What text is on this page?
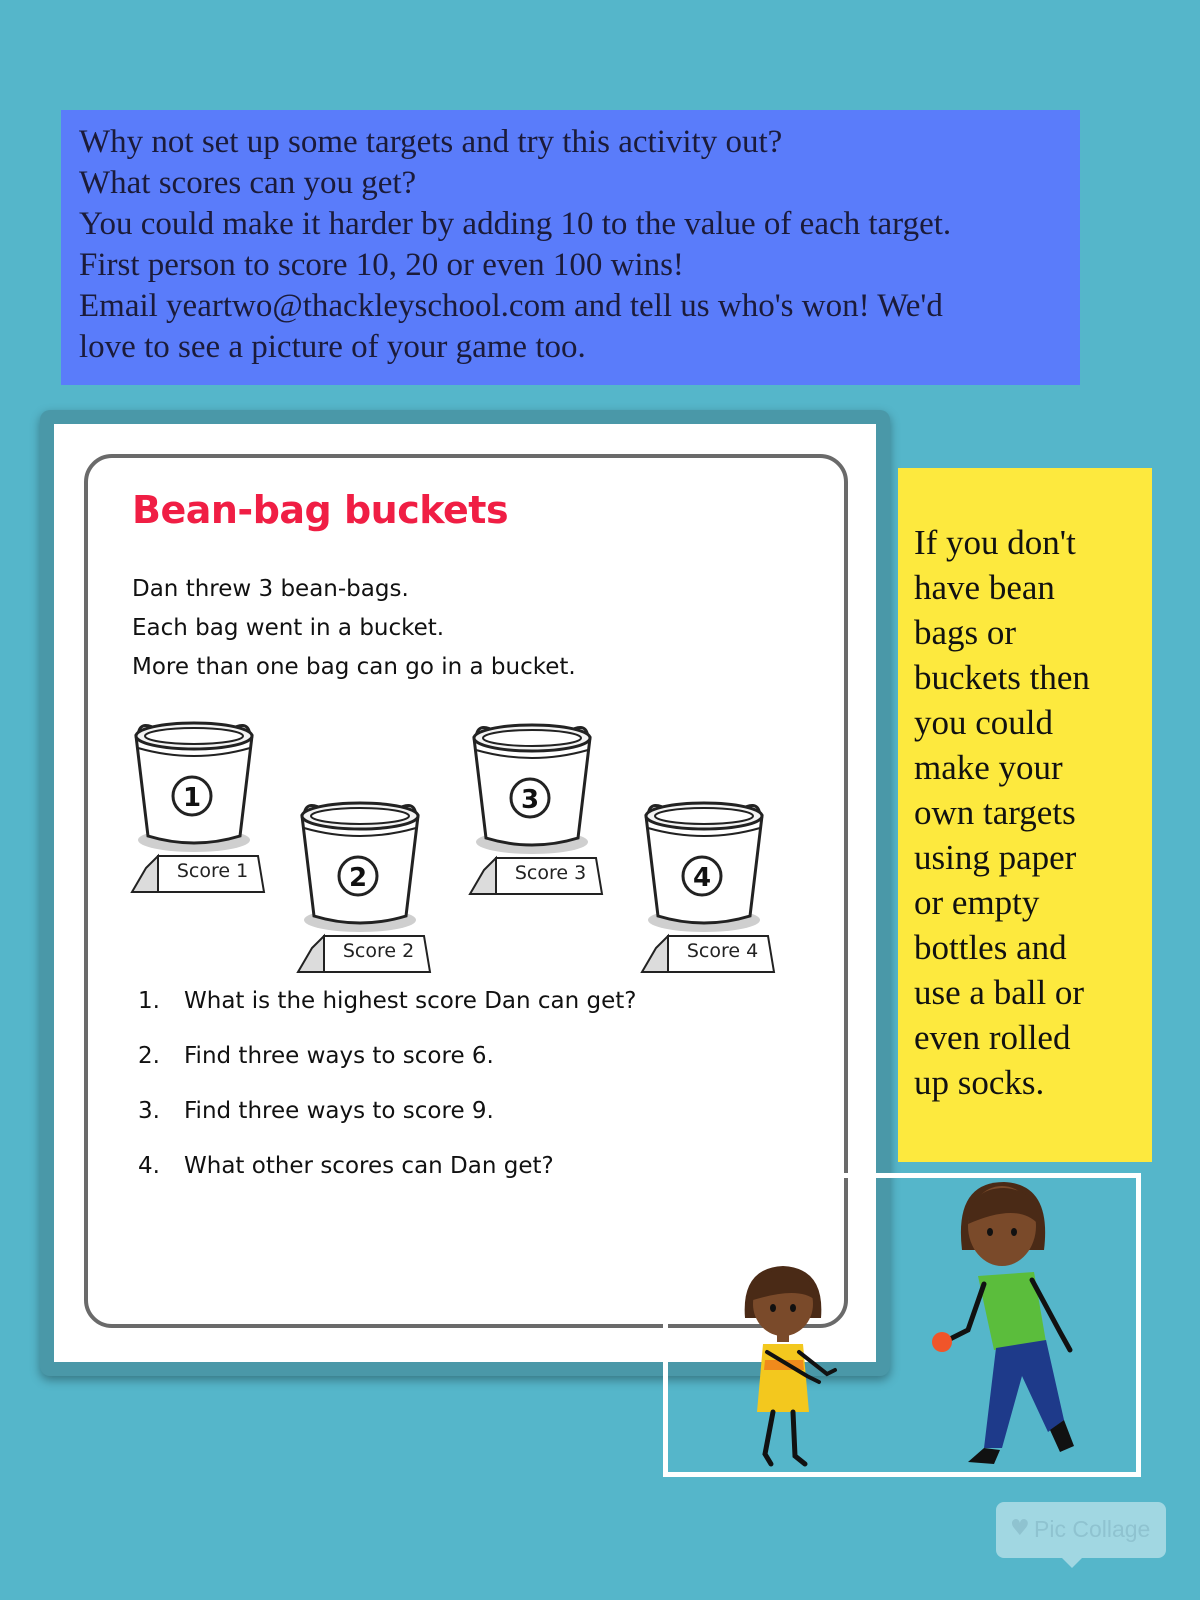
Why not set up some targets and try this activity out?

What scores can you get?

You could make it harder by adding 10 to the value of each target.

First person to score 10, 20 or even 100 wins!

Email yeartwo@thackleyschool.com and tell us who's won! We'd

love to see a picture of your game too.

Bean-bag buckets

Dan threw 3 bean-bags.

Each bag went in a bucket.

More than one bag can go in a bucket.

1
Score 1	2
Score 2
3
Score 3	4
Score 4
1. What is the highest score Dan can get?
2. Find three ways to score 6.
3. Find three ways to score 9.
4. What other scores can Dan get?

If you don't

have bean

bags or

buckets then

you could

make your

own targets

using paper

or empty

bottles and

use a ball or

even rolled

up socks.

♥ Pic Collage
